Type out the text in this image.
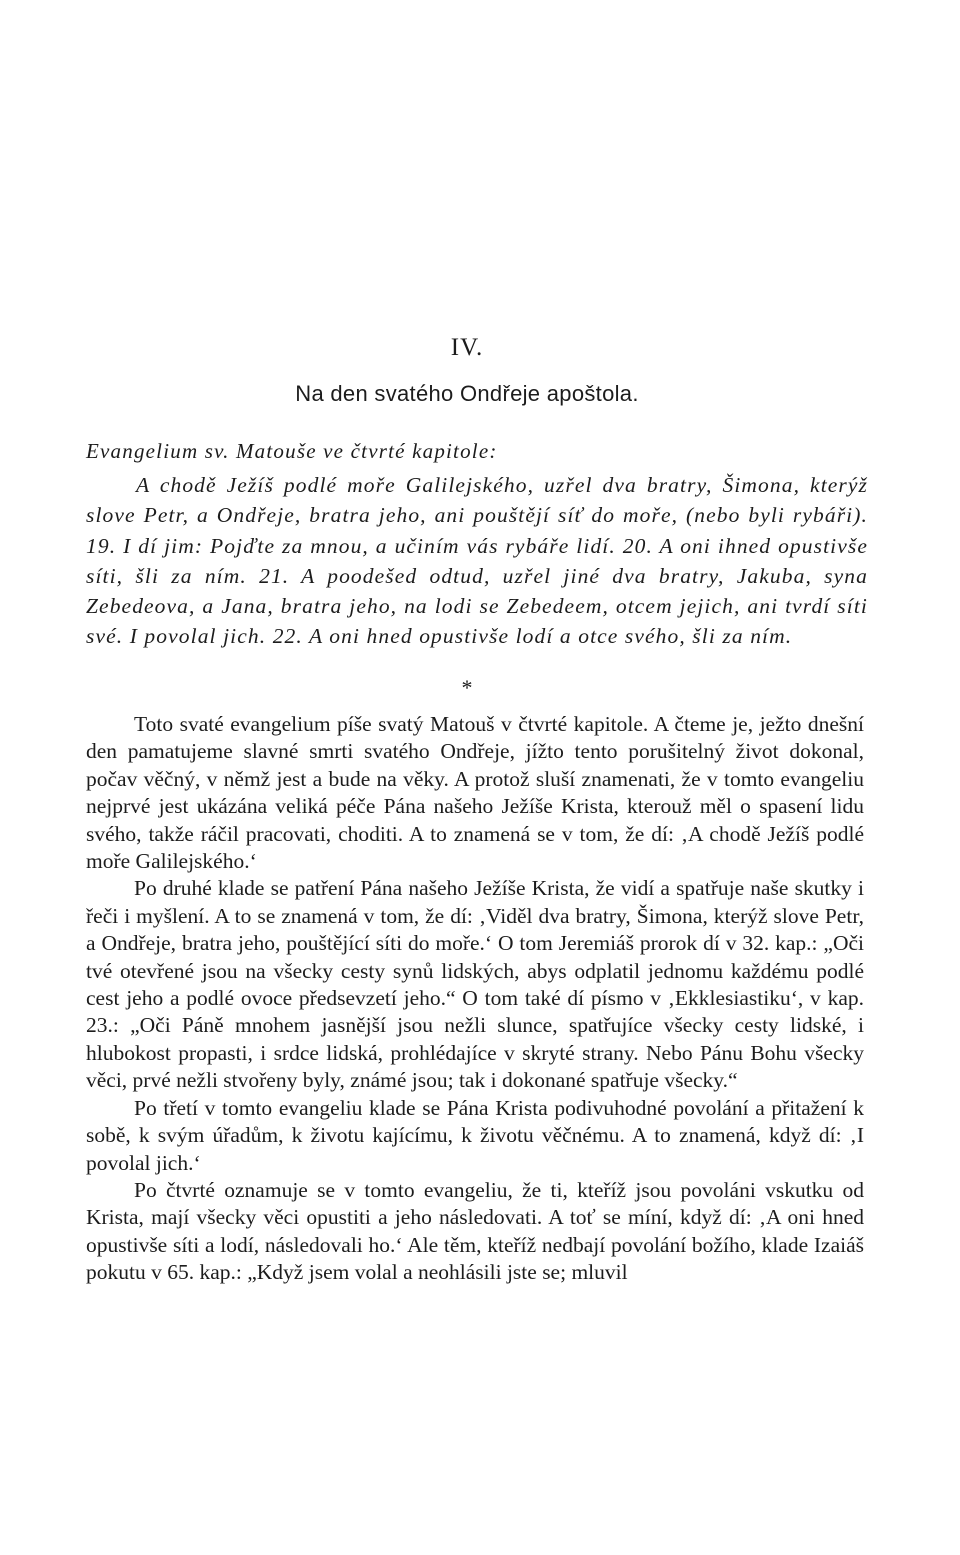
IV.
Na den svatého Ondřeje apoštola.
Evangelium sv. Matouše ve čtvrté kapitole:

A chodě Ježíš podlé moře Galilejského, uzřel dva bratry, Šimona, kterýž slove Petr, a Ondřeje, bratra jeho, ani pouštějí síť do moře, (nebo byli rybáři). 19. I dí jim: Pojďte za mnou, a učiním vás rybáře lidí. 20. A oni ihned opustivše síti, šli za ním. 21. A poodešed odtud, uzřel jiné dva bratry, Jakuba, syna Zebedeova, a Jana, bratra jeho, na lodi se Zebedeem, otcem jejich, ani tvrdí síti své. I povolal jich. 22. A oni hned opustivše lodí a otce svého, šli za ním.

*

Toto svaté evangelium píše svatý Matouš v čtvrté kapitole. A čteme je, ježto dnešní den pamatujeme slavné smrti svatého Ondřeje, jížto tento porušitelný život dokonal, počav věčný, v němž jest a bude na věky. A protož sluší znamenati, že v tomto evangeliu nejprvé jest ukázána veliká péče Pána našeho Ježíše Krista, kterouž měl o spasení lidu svého, takže ráčil pracovati, choditi. A to znamená se v tom, že dí: ‚A chodě Ježíš podlé moře Galilejského.‘

Po druhé klade se patření Pána našeho Ježíše Krista, že vidí a spatřuje naše skutky i řeči i myšlení. A to se znamená v tom, že dí: ‚Viděl dva bratry, Šimona, kterýž slove Petr, a Ondřeje, bratra jeho, pouštějící síti do moře.‘ O tom Jeremiáš prorok dí v 32. kap.: „Oči tvé otevřené jsou na všecky cesty synů lidských, abys odplatil jednomu každému podlé cest jeho a podlé ovoce předsevzetí jeho.“ O tom také dí písmo v ‚Ekklesiastiku‘, v kap. 23.: „Oči Páně mnohem jasnější jsou nežli slunce, spatřujíce všecky cesty lidské, i hlubokost propasti, i srdce lidská, prohlédajíce v skryté strany. Nebo Pánu Bohu všecky věci, prvé nežli stvořeny byly, známé jsou; tak i dokonané spatřuje všecky.“

Po třetí v tomto evangeliu klade se Pána Krista podivuhodné povolání a přitažení k sobě, k svým úřadům, k životu kajícímu, k životu věčnému. A to znamená, když dí: ‚I povolal jich.‘

Po čtvrté oznamuje se v tomto evangeliu, že ti, kteříž jsou povoláni vskutku od Krista, mají všecky věci opustiti a jeho následovati. A toť se míní, když dí: ‚A oni hned opustivše síti a lodí, následovali ho.‘ Ale těm, kteříž nedbají povolání božího, klade Izaiáš pokutu v 65. kap.: „Když jsem volal a neohlásili jste se; mluvil
